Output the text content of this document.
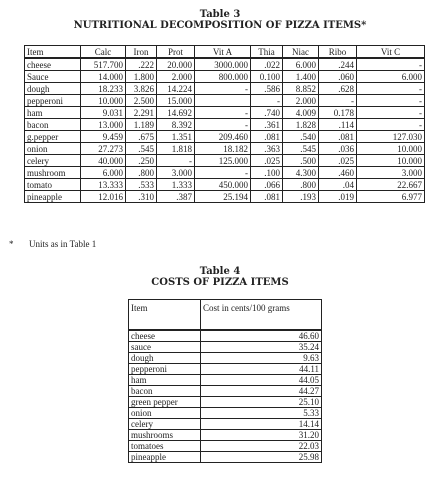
Table 3
NUTRITIONAL DECOMPOSITION OF PIZZA ITEMS*
Item	Calc	Iron	Prot	Vit A	Thia	Niac	Ribo	Vit C
cheese	517.700	.222	20.000	3000.000	.022	6.000	.244	-
Sauce	14.000	1.800	2.000	800.000	0.100	1.400	.060	6.000
dough	18.233	3.826	14.224	-	.586	8.852	.628	-
pepperoni	10.000	2.500	15.000		-	2.000	-	-
ham	9.031	2.291	14.692	-	.740	4.009	0.178	-
bacon	13.000	1.189	8.392	-	.361	1.828	.114	-
g.pepper	9.459	.675	1.351	209.460	.081	.540	.081	127.030
onion	27.273	.545	1.818	18.182	.363	.545	.036	10.000
celery	40.000	.250	-	125.000	.025	.500	.025	10.000
mushroom	6.000	.800	3.000	-	.100	4.300	.460	3.000
tomato	13.333	.533	1.333	450.000	.066	.800	.04	22.667
pineapple	12.016	.310	.387	25.194	.081	.193	.019	6.977
* Units as in Table 1
Table 4
COSTS OF PIZZA ITEMS
Item	Cost in cents/100 grams
cheese	46.60
sauce	35.24
dough	9.63
pepperoni	44.11
ham	44.05
bacon	44.27
green pepper	25.10
onion	5.33
celery	14.14
mushrooms	31.20
tomatoes	22.03
pineapple	25.98
